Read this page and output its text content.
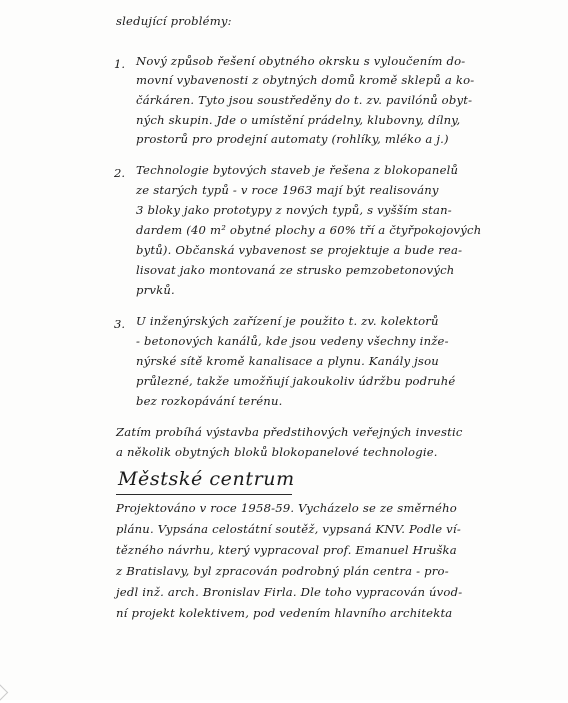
sledující problémy:
1. Nový způsob řešení obytného okrsku s vyloučením do-
movní vybavenosti z obytných domů kromě sklepů a ko-
čárkáren. Tyto jsou soustředěny do t. zv. pavilónů obyt-
ných skupin. Jde o umístění prádelny, klubovny, dílny,
prostorů pro prodejní automaty (rohlíky, mléko a j.)
2. Technologie bytových staveb je řešena z blokopanelů
ze starých typů - v roce 1963 mají být realisovány
3 bloky jako prototypy z nových typů, s vyšším stan-
dardem (40 m² obytné plochy a 60% tří a čtyřpokojových
bytů). Občanská vybavenost se projektuje a bude rea-
lisovat jako montovaná ze strusko pemzobetonových
prvků.
3. U inženýrských zařízení je použito t. zv. kolektorů
- betonových kanálů, kde jsou vedeny všechny inže-
nýrské sítě kromě kanalisace a plynu. Kanály jsou
průlezné, takže umožňují jakoukoliv údržbu podruhé
bez rozkopávání terénu.
Zatím probíhá výstavba předstihových veřejných investic
a několik obytných bloků blokopanelové technologie.
Městské centrum
Projektováno v roce 1958-59. Vycházelo se ze směrného
plánu. Vypsána celostátní soutěž, vypsaná KNV. Podle ví-
tězného návrhu, který vypracoval prof. Emanuel Hruška
z Bratislavy, byl zpracován podrobný plán centra - pro-
jedl inž. arch. Bronislav Firla. Dle toho vypracován úvod-
ní projekt kolektivem, pod vedením hlavního architekta
